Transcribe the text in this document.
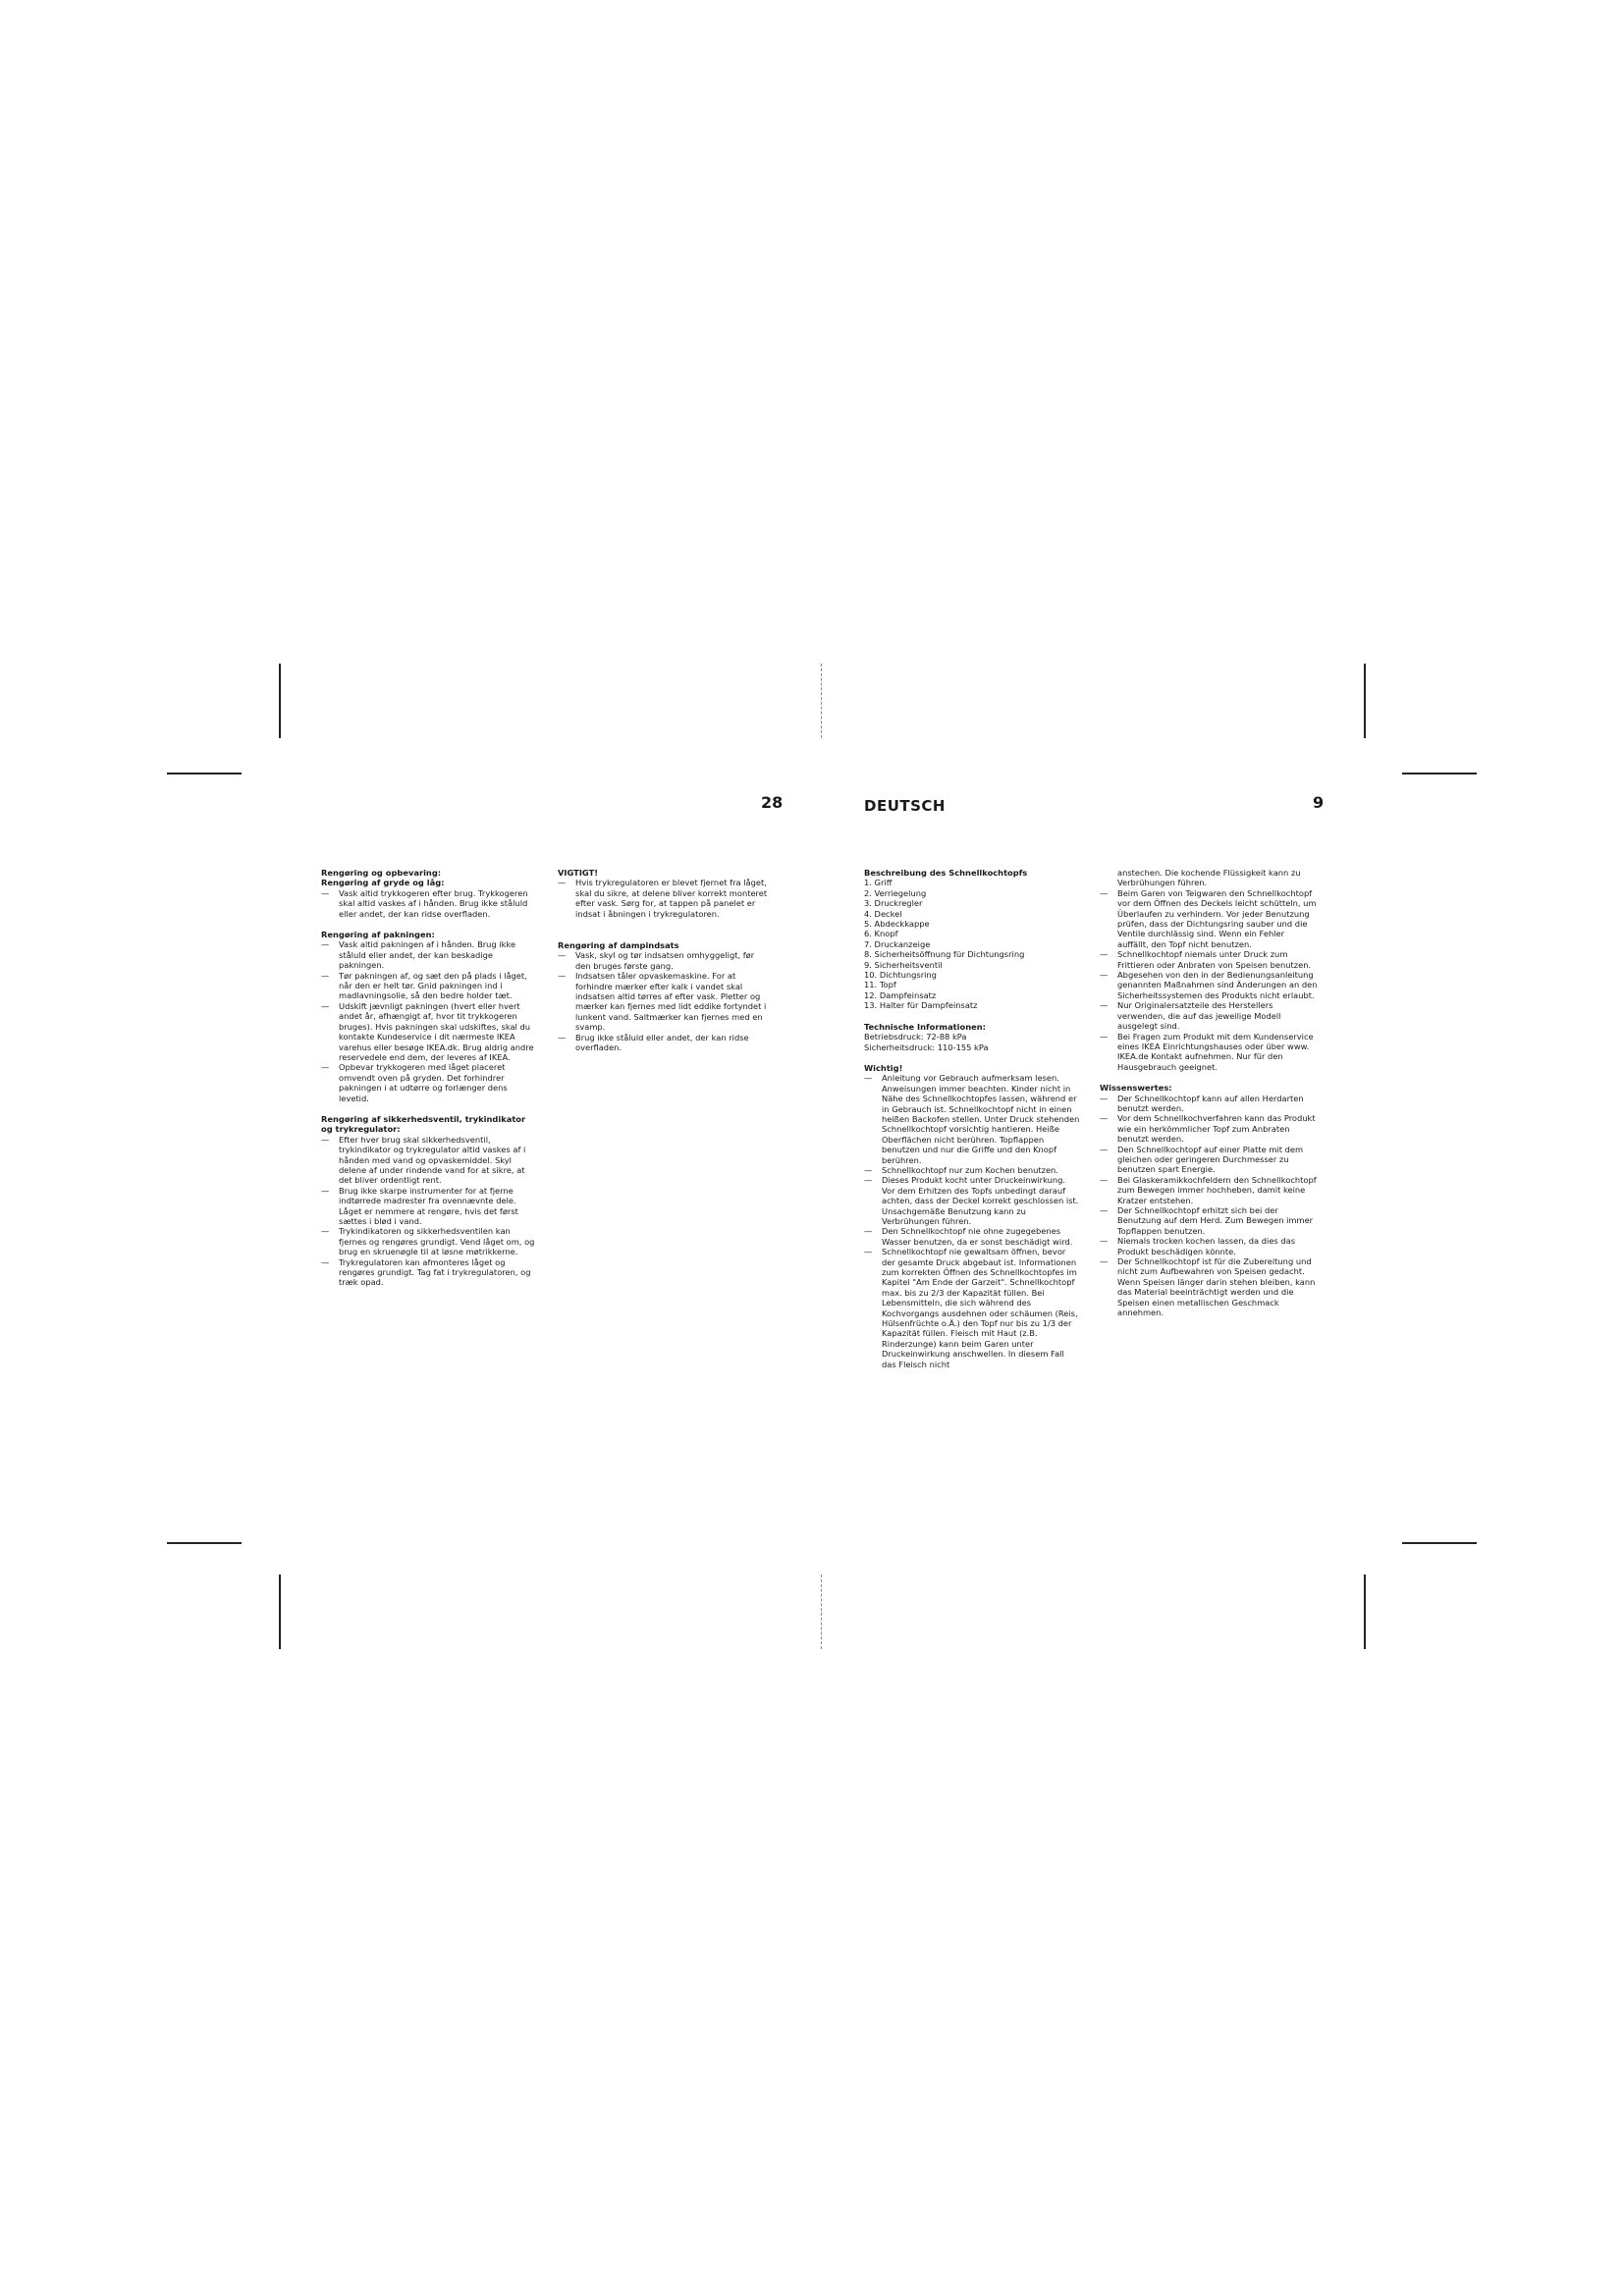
28	DEUTSCH	9
Rengøring og opbevaring:
Rengøring af gryde og låg:
— Vask altid trykkogeren efter brug. Trykkogeren skal altid vaskes af i hånden. Brug ikke ståluld eller andet, der kan ridse overfladen.
Rengøring af pakningen:
— Vask altid pakningen af i hånden. Brug ikke ståluld eller andet, der kan beskadige pakningen.
— Tør pakningen af, og sæt den på plads i låget, når den er helt tør. Gnid pakningen ind i madlavningsolie, så den bedre holder tæt.
— Udskift jævnligt pakningen (hvert eller hvert andet år, afhængigt af, hvor tit trykkogeren bruges). Hvis pakningen skal udskiftes, skal du kontakte Kundeservice i dit nærmeste IKEA varehus eller besøge IKEA.dk. Brug aldrig andre reservedele end dem, der leveres af IKEA.
— Opbevar trykkogeren med låget placeret omvendt oven på gryden. Det forhindrer pakningen i at udtørre og forlænger dens levetid.
Rengøring af sikkerhedsventil, trykindikator og trykregulator:
— Efter hver brug skal sikkerhedsventil, trykindikator og trykregulator altid vaskes af i hånden med vand og opvaskemiddel. Skyl delene af under rindende vand for at sikre, at det bliver ordentligt rent.
— Brug ikke skarpe instrumenter for at fjerne indtørrede madrester fra ovennævnte dele. Låget er nemmere at rengøre, hvis det først sættes i blød i vand.
— Trykindikatoren og sikkerhedsventilen kan fjernes og rengøres grundigt. Vend låget om, og brug en skruenøgle til at løsne møtrikkerne.
— Trykregulatoren kan afmonteres låget og rengøres grundigt. Tag fat i trykregulatoren, og træk opad.
VIGTIGT!
— Hvis trykregulatoren er blevet fjernet fra låget, skal du sikre, at delene bliver korrekt monteret efter vask. Sørg for, at tappen på panelet er indsat i åbningen i trykregulatoren.
Rengøring af dampindsats
— Vask, skyl og tør indsatsen omhyggeligt, før den bruges første gang.
— Indsatsen tåler opvaskemaskine. For at forhindre mærker efter kalk i vandet skal indsatsen altid tørres af efter vask. Pletter og mærker kan fjernes med lidt eddike fortyndet i lunkent vand. Saltmærker kan fjernes med en svamp.
— Brug ikke ståluld eller andet, der kan ridse overfladen.
Beschreibung des Schnellkochtopfs
1. Griff
2. Verriegelung
3. Druckregler
4. Deckel
5. Abdeckkappe
6. Knopf
7. Druckanzeige
8. Sicherheitsöffnung für Dichtungsring
9. Sicherheitsventil
10. Dichtungsring
11. Topf
12. Dampfeinsatz
13. Halter für Dampfeinsatz
Technische Informationen:

Betriebsdruck: 72-88 kPa

Sicherheitsdruck: 110-155 kPa

Wichtig!
— Anleitung vor Gebrauch aufmerksam lesen. Anweisungen immer beachten. Kinder nicht in Nähe des Schnellkochtopfes lassen, während er in Gebrauch ist. Schnellkochtopf nicht in einen heißen Backofen stellen. Unter Druck stehenden Schnellkochtopf vorsichtig hantieren. Heiße Oberflächen nicht berühren. Topflappen benutzen und nur die Griffe und den Knopf berühren.
— Schnellkochtopf nur zum Kochen benutzen.
— Dieses Produkt kocht unter Druckeinwirkung. Vor dem Erhitzen des Topfs unbedingt darauf achten, dass der Deckel korrekt geschlossen ist. Unsachgemäße Benutzung kann zu Verbrühungen führen.
— Den Schnellkochtopf nie ohne zugegebenes Wasser benutzen, da er sonst beschädigt wird.
— Schnellkochtopf nie gewaltsam öffnen, bevor der gesamte Druck abgebaut ist. Informationen zum korrekten Öffnen des Schnellkochtopfes im Kapitel "Am Ende der Garzeit". Schnellkochtopf max. bis zu 2/3 der Kapazität füllen. Bei Lebensmitteln, die sich während des Kochvorgangs ausdehnen oder schäumen (Reis, Hülsenfrüchte o.Ä.) den Topf nur bis zu 1/3 der Kapazität füllen. Fleisch mit Haut (z.B. Rinderzunge) kann beim Garen unter Druckeinwirkung anschwellen. In diesem Fall das Fleisch nicht
anstechen. Die kochende Flüssigkeit kann zu Verbrühungen führen.
— Beim Garen von Teigwaren den Schnellkochtopf vor dem Öffnen des Deckels leicht schütteln, um Überlaufen zu verhindern. Vor jeder Benutzung prüfen, dass der Dichtungsring sauber und die Ventile durchlässig sind. Wenn ein Fehler auffällt, den Topf nicht benutzen.
— Schnellkochtopf niemals unter Druck zum Frittieren oder Anbraten von Speisen benutzen.
— Abgesehen von den in der Bedienungsanleitung genannten Maßnahmen sind Änderungen an den Sicherheitssystemen des Produkts nicht erlaubt.
— Nur Originalersatzteile des Herstellers verwenden, die auf das jeweilige Modell ausgelegt sind.
— Bei Fragen zum Produkt mit dem Kundenservice eines IKEA Einrichtungshauses oder über www. IKEA.de Kontakt aufnehmen. Nur für den Hausgebrauch geeignet.
Wissenswertes:
— Der Schnellkochtopf kann auf allen Herdarten benutzt werden.
— Vor dem Schnellkochverfahren kann das Produkt wie ein herkömmlicher Topf zum Anbraten benutzt werden.
— Den Schnellkochtopf auf einer Platte mit dem gleichen oder geringeren Durchmesser zu benutzen spart Energie.
— Bei Glaskeramikkochfeldern den Schnellkochtopf zum Bewegen immer hochheben, damit keine Kratzer entstehen.
— Der Schnellkochtopf erhitzt sich bei der Benutzung auf dem Herd. Zum Bewegen immer Topflappen benutzen.
— Niemals trocken kochen lassen, da dies das Produkt beschädigen könnte.
— Der Schnellkochtopf ist für die Zubereitung und nicht zum Aufbewahren von Speisen gedacht. Wenn Speisen länger darin stehen bleiben, kann das Material beeinträchtigt werden und die Speisen einen metallischen Geschmack annehmen.
